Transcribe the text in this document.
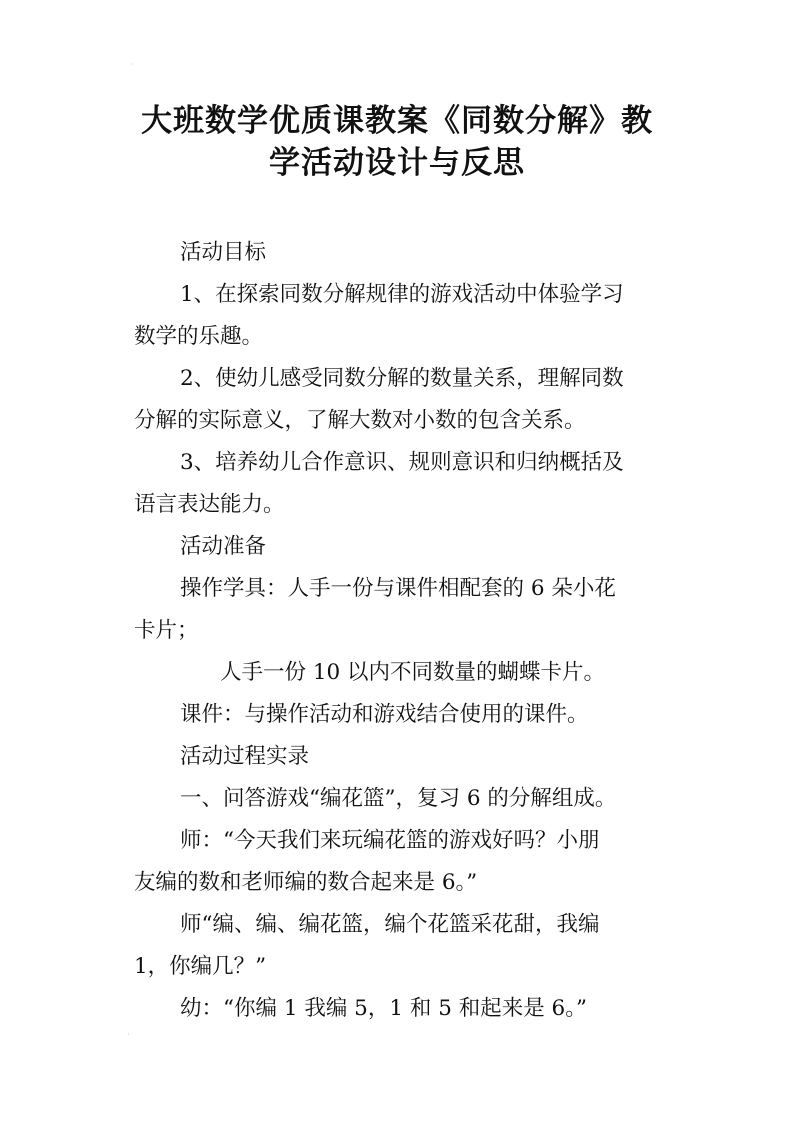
·
大班数学优质课教案《同数分解》教
学活动设计与反思

活动目标

1、在探索同数分解规律的游戏活动中体验学习

数学的乐趣。

2、使幼儿感受同数分解的数量关系，理解同数

分解的实际意义，了解大数对小数的包含关系。

3、培养幼儿合作意识、规则意识和归纳概括及

语言表达能力。

活动准备

操作学具：人手一份与课件相配套的 6 朵小花

卡片；

人手一份 10 以内不同数量的蝴蝶卡片。

课件：与操作活动和游戏结合使用的课件。

活动过程实录

一、问答游戏“编花篮”，复习 6 的分解组成。

师：“今天我们来玩编花篮的游戏好吗？小朋

友编的数和老师编的数合起来是 6。”

师“编、编、编花篮，编个花篮采花甜，我编

1，你编几？”

幼：“你编 1 我编 5，1 和 5 和起来是 6。”

·
